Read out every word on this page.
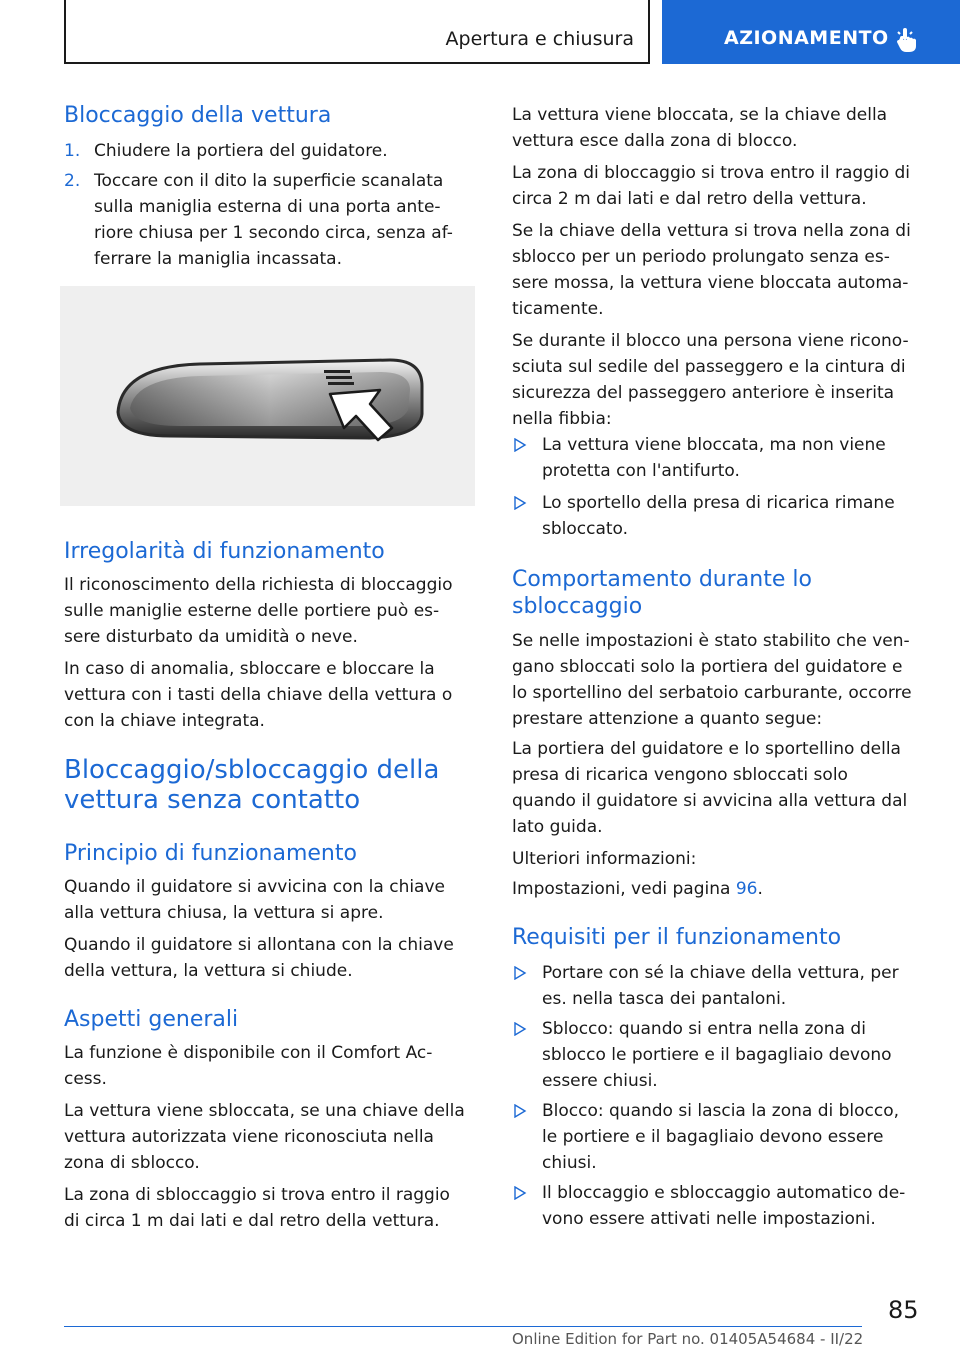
Apertura e chiusura	AZIONAMENTO
Bloccaggio della vettura
1. Chiudere la portiera del guidatore.
2. Toccare con il dito la superficie scanalata
sulla maniglia esterna di una porta ante-
riore chiusa per 1 secondo circa, senza af-
ferrare la maniglia incassata.
Irregolarità di funzionamento

Il riconoscimento della richiesta di bloccaggio

sulle maniglie esterne delle portiere può es-

sere disturbato da umidità o neve.

In caso di anomalia, sbloccare e bloccare la

vettura con i tasti della chiave della vettura o

con la chiave integrata.

Bloccaggio/sbloccaggio della
vettura senza contatto
Principio di funzionamento

Quando il guidatore si avvicina con la chiave

alla vettura chiusa, la vettura si apre.

Quando il guidatore si allontana con la chiave

della vettura, la vettura si chiude.

Aspetti generali

La funzione è disponibile con il Comfort Ac-

cess.

La vettura viene sbloccata, se una chiave della

vettura autorizzata viene riconosciuta nella

zona di sblocco.

La zona di sbloccaggio si trova entro il raggio

di circa 1 m dai lati e dal retro della vettura.

La vettura viene bloccata, se la chiave della

vettura esce dalla zona di blocco.

La zona di bloccaggio si trova entro il raggio di

circa 2 m dai lati e dal retro della vettura.

Se la chiave della vettura si trova nella zona di

sblocco per un periodo prolungato senza es-

sere mossa, la vettura viene bloccata automa-

ticamente.

Se durante il blocco una persona viene ricono-

sciuta sul sedile del passeggero e la cintura di

sicurezza del passeggero anteriore è inserita

nella fibbia:

La vettura viene bloccata, ma non viene
protetta con l'antifurto.
Lo sportello della presa di ricarica rimane
sbloccato.
Comportamento durante lo
sbloccaggio

Se nelle impostazioni è stato stabilito che ven-

gano sbloccati solo la portiera del guidatore e

lo sportellino del serbatoio carburante, occorre

prestare attenzione a quanto segue:

La portiera del guidatore e lo sportellino della

presa di ricarica vengono sbloccati solo

quando il guidatore si avvicina alla vettura dal

lato guida.

Ulteriori informazioni:

Impostazioni, vedi pagina 96.

Requisiti per il funzionamento
Portare con sé la chiave della vettura, per
es. nella tasca dei pantaloni.
Sblocco: quando si entra nella zona di
sblocco le portiere e il bagagliaio devono
essere chiusi.
Blocco: quando si lascia la zona di blocco,
le portiere e il bagagliaio devono essere
chiusi.
Il bloccaggio e sbloccaggio automatico de-
vono essere attivati nelle impostazioni.
85
Online Edition for Part no. 01405A54684 - II/22
